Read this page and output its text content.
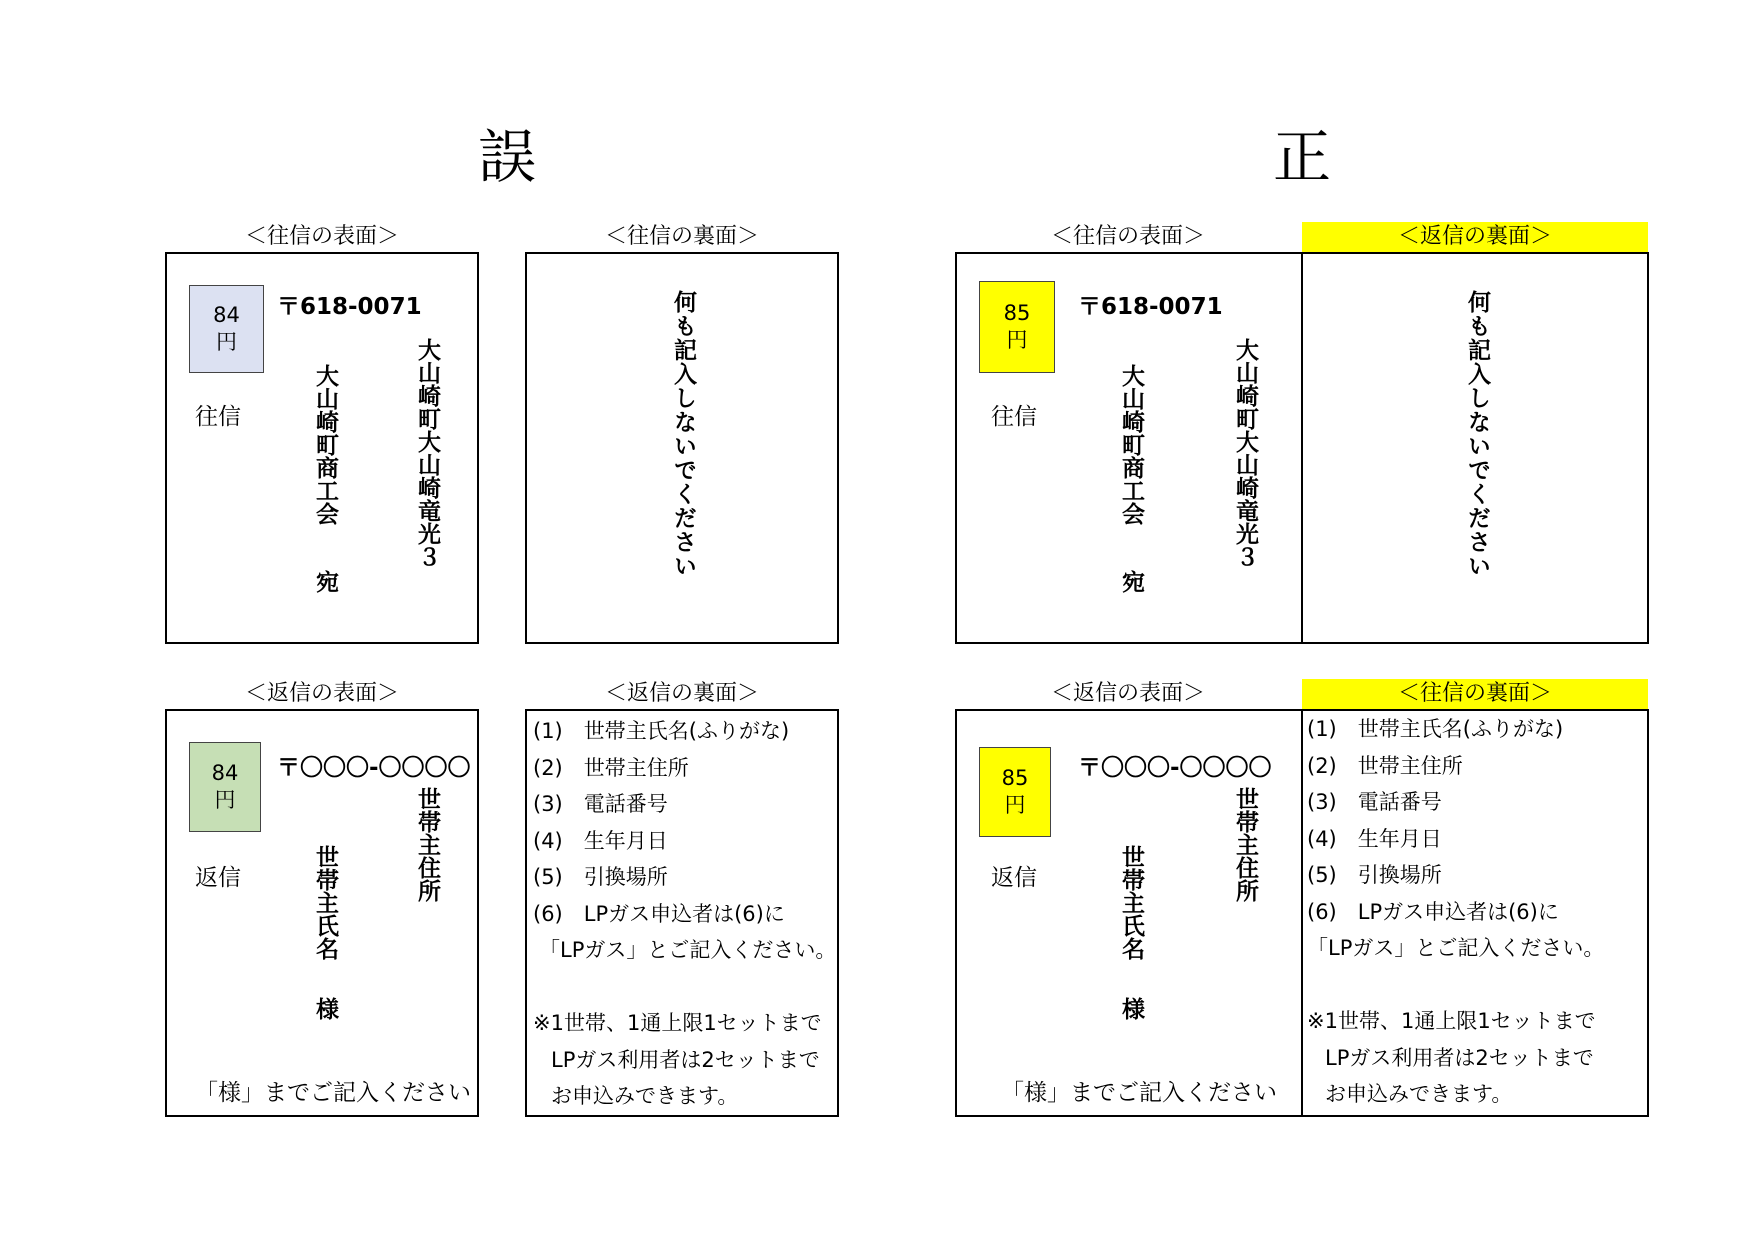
誤	正
＜往信の表面＞	＜往信の裏面＞
84
円
〒618-0071
往信	大山崎町商工会
宛
大山崎町大山崎竜光３	何も記入しないでください
＜返信の表面＞	＜返信の裏面＞
84
円
〒〇〇〇-〇〇〇〇
返信	世帯主住所
世帯主氏名
様
「様」までご記入ください
(1)　世帯主氏名(ふりがな)
(2)　世帯主住所
(3)　電話番号
(4)　生年月日
(5)　引換場所
(6)　LPガス申込者は(6)に
「LPガス」とご記入ください。
※1世帯、1通上限1セットまで
LPガス利用者は2セットまで
お申込みできます。
＜往信の表面＞	＜返信の裏面＞
85
円
〒618-0071
往信	大山崎町商工会
宛
大山崎町大山崎竜光３	何も記入しないでください
＜返信の表面＞	＜往信の裏面＞
85
円
〒〇〇〇-〇〇〇〇
返信	世帯主住所
世帯主氏名
様
「様」までご記入ください
(1)　世帯主氏名(ふりがな)
(2)　世帯主住所
(3)　電話番号
(4)　生年月日
(5)　引換場所
(6)　LPガス申込者は(6)に
「LPガス」とご記入ください。
※1世帯、1通上限1セットまで
LPガス利用者は2セットまで
お申込みできます。
